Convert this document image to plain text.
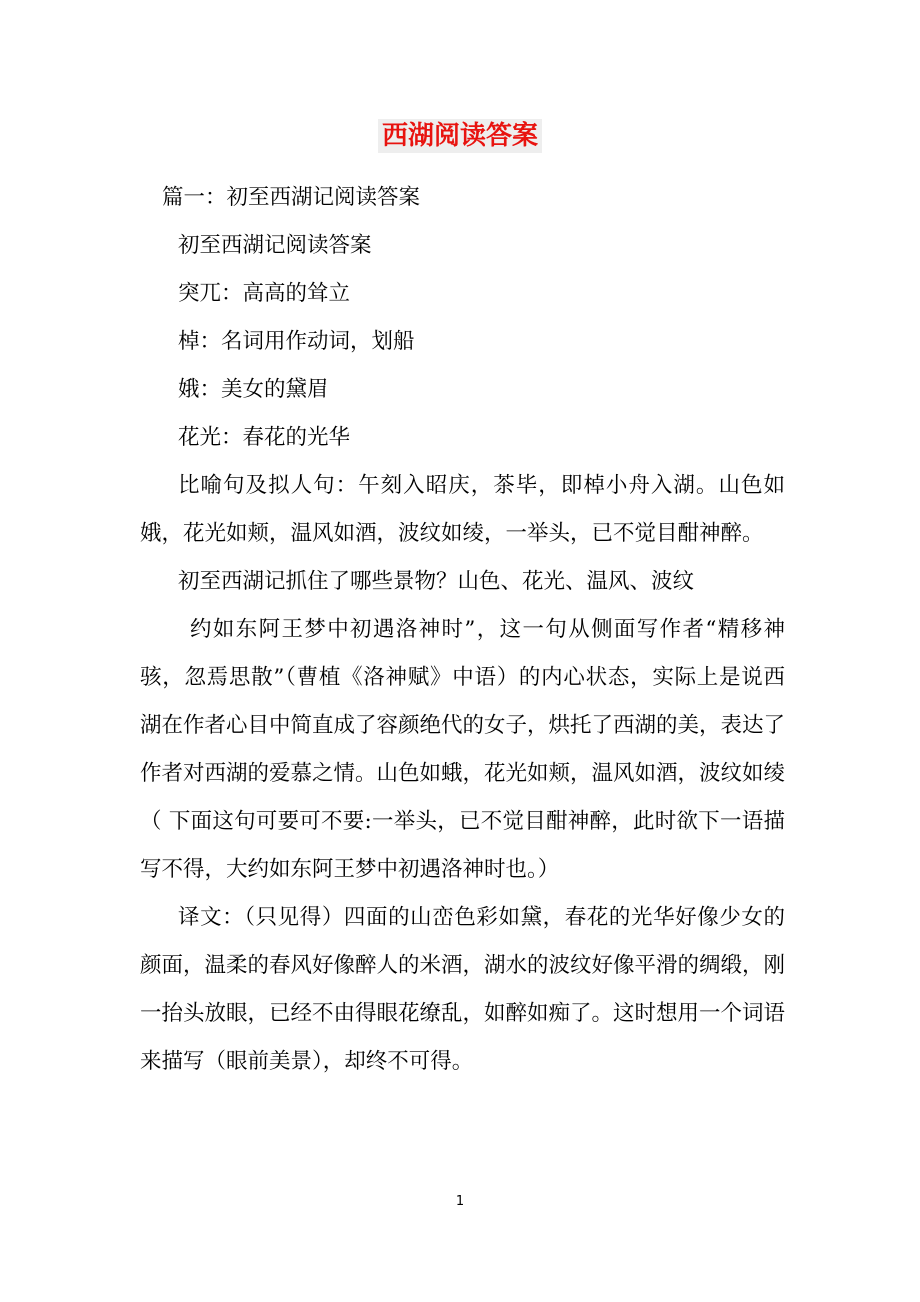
西湖阅读答案

篇一：初至西湖记阅读答案

初至西湖记阅读答案

突兀：高高的耸立

棹：名词用作动词，划船

娥：美女的黛眉

花光：春花的光华

比喻句及拟人句：午刻入昭庆，茶毕，即棹小舟入湖。山色如娥，花光如颊，温风如酒，波纹如绫，一举头，已不觉目酣神醉。

初至西湖记抓住了哪些景物？山色、花光、温风、波纹

约如东阿王梦中初遇洛神时”，这一句从侧面写作者“精移神骇，忽焉思散”（曹植《洛神赋》中语）的内心状态，实际上是说西湖在作者心目中简直成了容颜绝代的女子，烘托了西湖的美，表达了作者对西湖的爱慕之情。山色如蛾，花光如颊，温风如酒，波纹如绫

（ 下面这句可要可不要:一举头，已不觉目酣神醉，此时欲下一语描写不得，大约如东阿王梦中初遇洛神时也。）

译文：（只见得）四面的山峦色彩如黛，春花的光华好像少女的颜面，温柔的春风好像醉人的米酒，湖水的波纹好像平滑的绸缎，刚一抬头放眼，已经不由得眼花缭乱，如醉如痴了。这时想用一个词语来描写（眼前美景），却终不可得。

1
